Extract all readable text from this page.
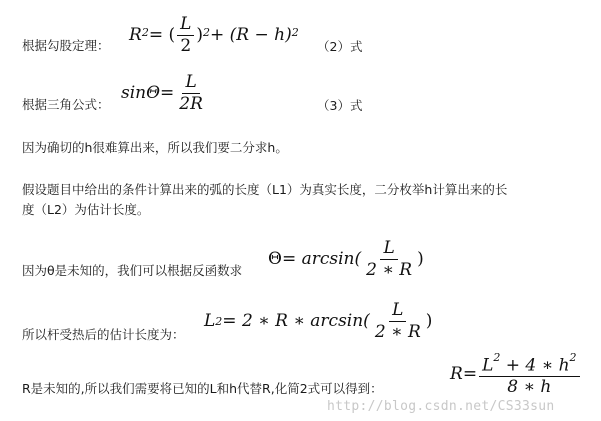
根据勾股定理：
$R^2$ = ( $\frac{L}{2} )^2 + (R - h)^2$
（2）式
根据三角公式：
$\sin\Theta = \frac{L}{2R}$	（3）式
因为确切的h很难算出来，所以我们要二分求h。
假设题目中给出的条件计算出来的弧的长度（L1）为真实长度，二分枚举h计算出来的长
度（L2）为估计长度。
因为θ是未知的，我们可以根据反函数求
$\Theta = \arcsin( \frac{L}{2 ∗ R}$ )
所以杆受热后的估计长度为：
L 2 = 2 ∗ R ∗ $\arcsin( \frac{L}{2 ∗ R}$ )
R是未知的,所以我们需要将已知的L和h代替R,化简2式可以得到：
$R = \frac{L^2 + 4 ∗ h^2}{8 ∗ h}$
http://blog.csdn.net/CS33sun
